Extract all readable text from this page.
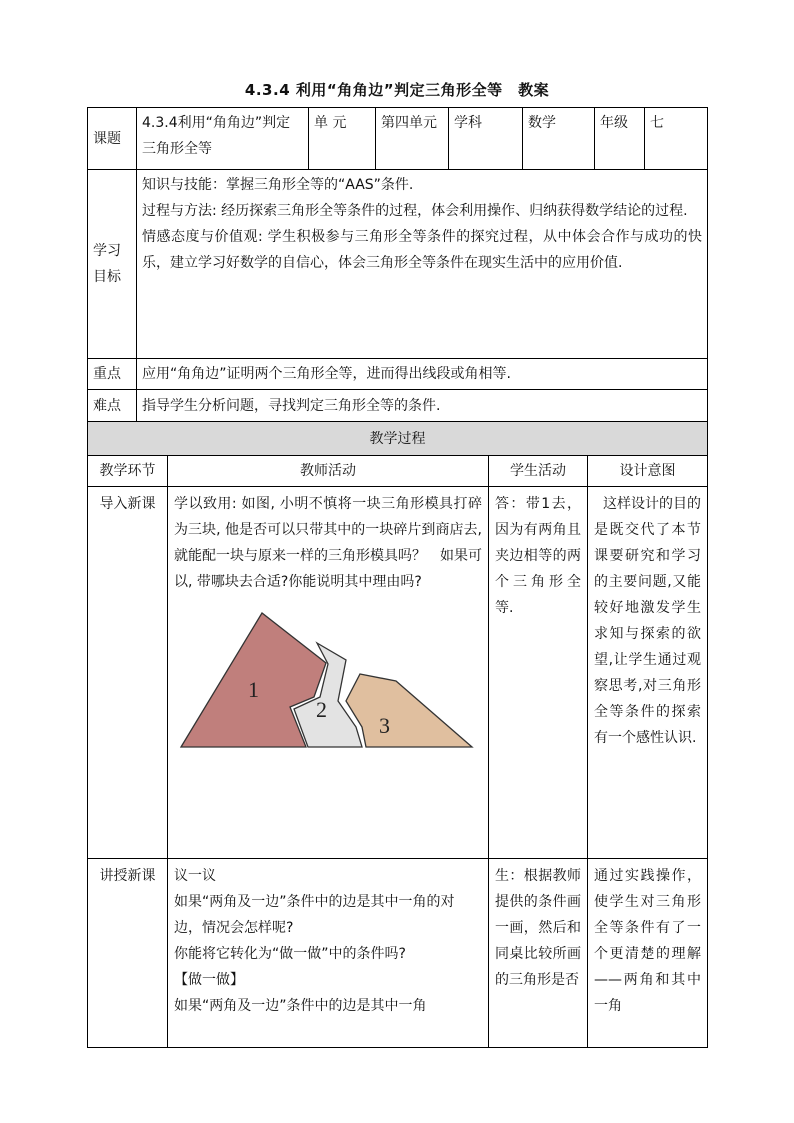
4.3.4 利用“角角边”判定三角形全等　教案
课题	4.3.4利用“角角边”判定三角形全等	单 元	第四单元	学科	数学	年级	七
学习目标	知识与技能：掌握三角形全等的“AAS”条件.

过程与方法: 经历探索三角形全等条件的过程，体会利用操作、归纳获得数学结论的过程.

情感态度与价值观: 学生积极参与三角形全等条件的探究过程，从中体会合作与成功的快乐，建立学习好数学的自信心，体会三角形全等条件在现实生活中的应用价值.						

重点	应用“角角边”证明两个三角形全等，进而得出线段或角相等.						
难点	指导学生分析问题，寻找判定三角形全等的条件.						
教学过程			
教学环节	教师活动	学生活动	设计意图
导入新课	学以致用: 如图, 小明不慎将一块三角形模具打碎为三块, 他是否可以只带其中的一块碎片到商店去, 就能配一块与原来一样的三角形模具吗？　如果可以, 带哪块去合适?你能说明其中理由吗?
1
2
3	答：带1去，因为有两角且夹边相等的两个三角形全等.	这样设计的目的是既交代了本节课要研究和学习的主要问题,又能较好地激发学生求知与探索的欲望,让学生通过观察思考,对三角形全等条件的探索有一个感性认识.
讲授新课	议一议

如果“两角及一边”条件中的边是其中一角的对边，情况会怎样呢?

你能将它转化为“做一做”中的条件吗?

【做一做】

如果“两角及一边”条件中的边是其中一角	生：根据教师提供的条件画一画，然后和同桌比较所画的三角形是否	通过实践操作，使学生对三角形全等条件有了一个更清楚的理解——两角和其中一角
